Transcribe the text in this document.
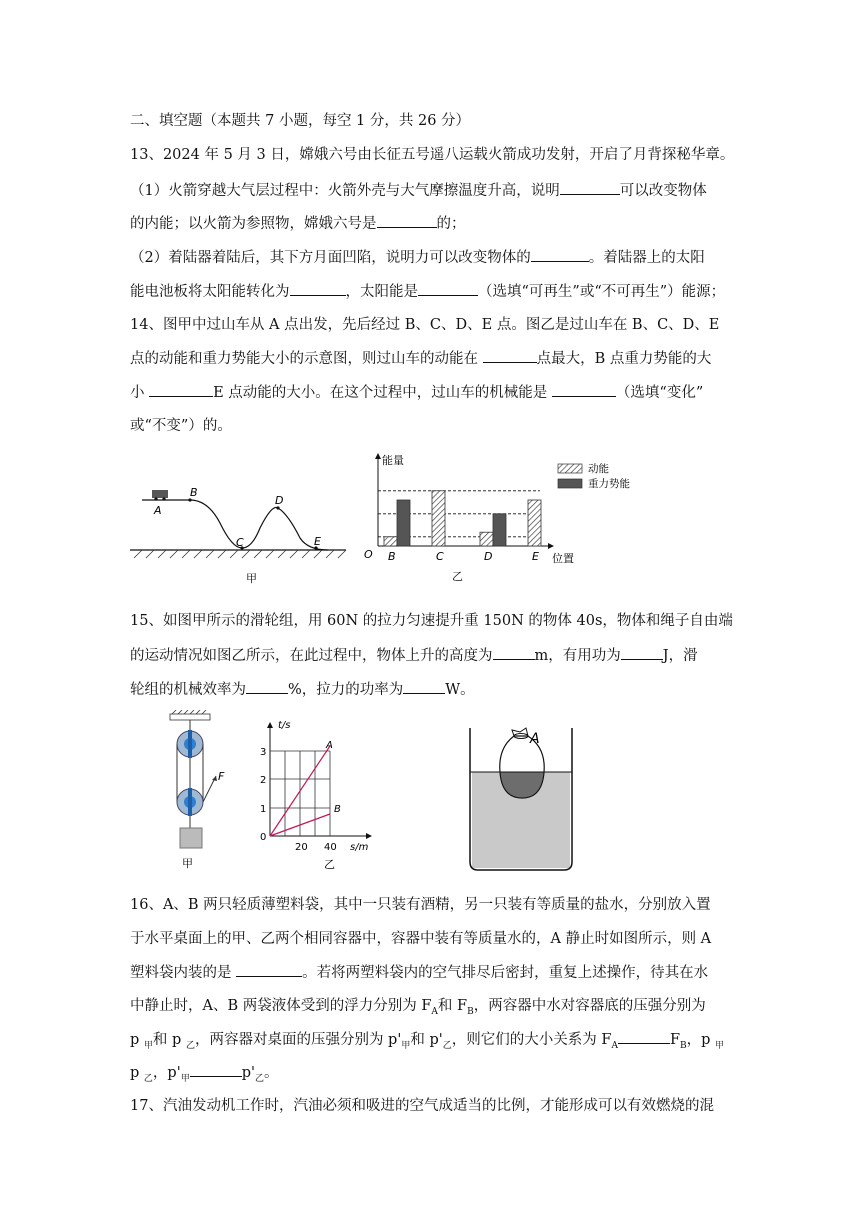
二、填空题（本题共 7 小题，每空 1 分，共 26 分）
13、2024 年 5 月 3 日，嫦娥六号由长征五号遥八运载火箭成功发射，开启了月背探秘华章。
（1）火箭穿越大气层过程中：火箭外壳与大气摩擦温度升高，说明	可以改变物体
的内能；以火箭为参照物，嫦娥六号是	的；
（2）着陆器着陆后，其下方月面凹陷，说明力可以改变物体的	。着陆器上的太阳
能电池板将太阳能转化为	，太阳能是	（选填“可再生”或“不可再生”）能源；
14、图甲中过山车从 A 点出发，先后经过 B、C、D、E 点。图乙是过山车在 B、C、D、E
点的动能和重力势能大小的示意图，则过山车的动能在	点最大，B 点重力势能的大
小	E 点动能的大小。在这个过程中，过山车的机械能是	（选填“变化”
或“不变”）的。
A
B
C
D
E
甲
B	C	D	E
能量
位置
O
动能
重力势能
乙
15、如图甲所示的滑轮组，用 60N 的拉力匀速提升重 150N 的物体 40s，物体和绳子自由端
的运动情况如图乙所示，在此过程中，物体上升的高度为	m，有用功为	J，滑
轮组的机械效率为	%，拉力的功率为	W。
F
甲
t/s
s/m
3
2
1
0
20 40
A
B
乙
A
16、A、B 两只轻质薄塑料袋，其中一只装有酒精，另一只装有等质量的盐水，分别放入置
于水平桌面上的甲、乙两个相同容器中，容器中装有等质量水的，A 静止时如图所示，则 A
塑料袋内装的是	。若将两塑料袋内的空气排尽后密封，重复上述操作，待其在水
中静止时，A、B 两袋液体受到的浮力分别为 $F_A$和 $F_B$，两容器中水对容器底的压强分别为
p $_甲$和 p $_乙$，两容器对桌面的压强分别为 $p'_甲$和 $p'_乙$，则它们的大小关系为 $F_A$	$F_B$，p $_甲$
p $_乙$，$p'_甲$	$p'_乙$。
17、汽油发动机工作时，汽油必须和吸进的空气成适当的比例，才能形成可以有效燃烧的混
